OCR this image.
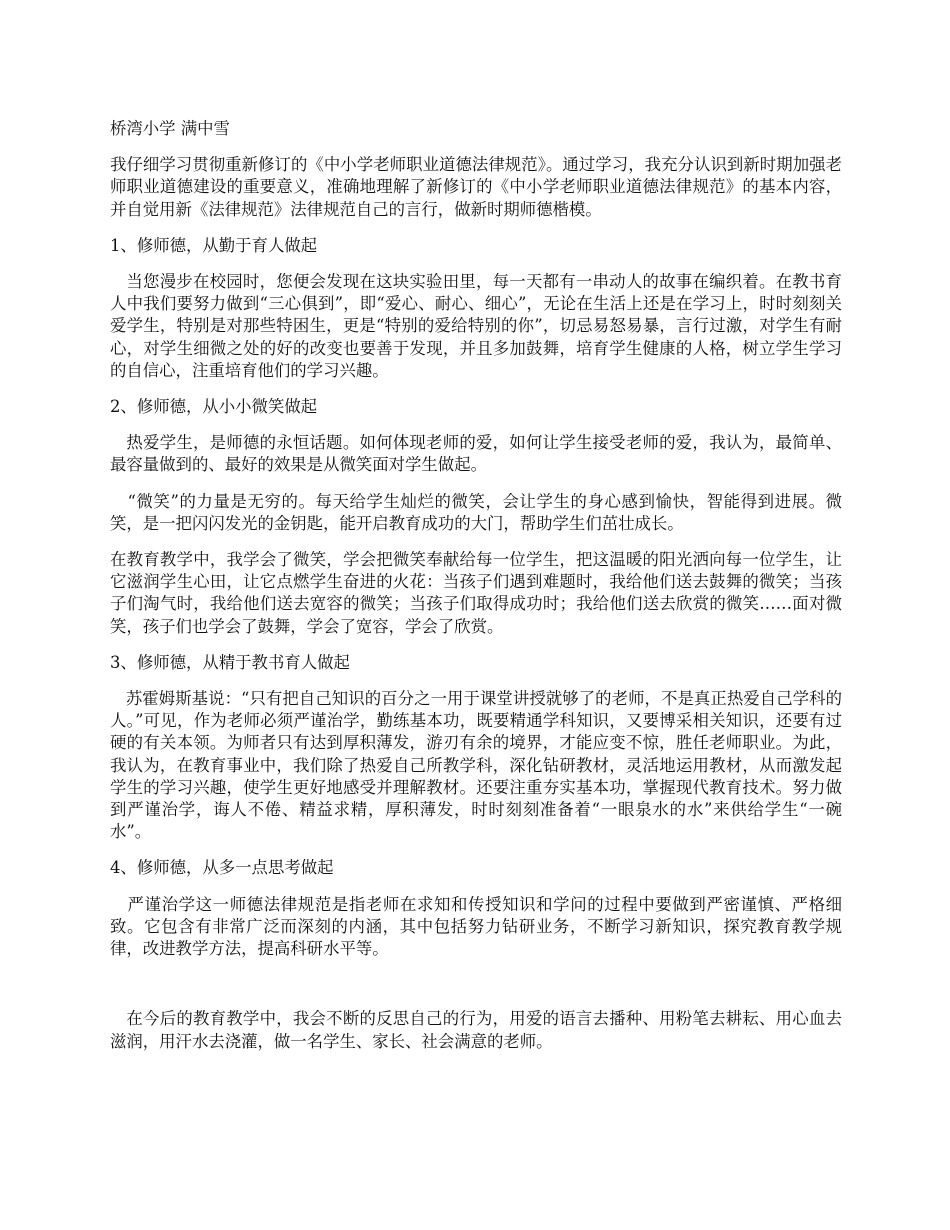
桥湾小学 满中雪

我仔细学习贯彻重新修订的《中小学老师职业道德法律规范》。通过学习，我充分认识到新时期加强老师职业道德建设的重要意义，准确地理解了新修订的《中小学老师职业道德法律规范》的基本内容，并自觉用新《法律规范》法律规范自己的言行，做新时期师德楷模。

1、修师德，从勤于育人做起

当您漫步在校园时，您便会发现在这块实验田里，每一天都有一串动人的故事在编织着。在教书育人中我们要努力做到“三心俱到”，即“爱心、耐心、细心”，无论在生活上还是在学习上，时时刻刻关爱学生，特别是对那些特困生，更是“特别的爱给特别的你”，切忌易怒易暴，言行过激，对学生有耐心，对学生细微之处的好的改变也要善于发现，并且多加鼓舞，培育学生健康的人格，树立学生学习的自信心，注重培育他们的学习兴趣。

2、修师德，从小小微笑做起

热爱学生，是师德的永恒话题。如何体现老师的爱，如何让学生接受老师的爱，我认为，最简单、最容量做到的、最好的效果是从微笑面对学生做起。

“微笑”的力量是无穷的。每天给学生灿烂的微笑，会让学生的身心感到愉快，智能得到进展。微笑，是一把闪闪发光的金钥匙，能开启教育成功的大门，帮助学生们茁壮成长。

在教育教学中，我学会了微笑，学会把微笑奉献给每一位学生，把这温暖的阳光洒向每一位学生，让它滋润学生心田，让它点燃学生奋进的火花：当孩子们遇到难题时，我给他们送去鼓舞的微笑；当孩子们淘气时，我给他们送去宽容的微笑；当孩子们取得成功时；我给他们送去欣赏的微笑……面对微笑，孩子们也学会了鼓舞，学会了宽容，学会了欣赏。

3、修师德，从精于教书育人做起

苏霍姆斯基说：“只有把自己知识的百分之一用于课堂讲授就够了的老师，不是真正热爱自己学科的人。”可见，作为老师必须严谨治学，勤练基本功，既要精通学科知识，又要博采相关知识，还要有过硬的有关本领。为师者只有达到厚积薄发，游刃有余的境界，才能应变不惊，胜任老师职业。为此，我认为，在教育事业中，我们除了热爱自己所教学科，深化钻研教材，灵活地运用教材，从而激发起学生的学习兴趣，使学生更好地感受并理解教材。还要注重夯实基本功，掌握现代教育技术。努力做到严谨治学，诲人不倦、精益求精，厚积薄发，时时刻刻准备着“一眼泉水的水”来供给学生“一碗水”。

4、修师德，从多一点思考做起

严谨治学这一师德法律规范是指老师在求知和传授知识和学问的过程中要做到严密谨慎、严格细致。它包含有非常广泛而深刻的内涵，其中包括努力钻研业务，不断学习新知识，探究教育教学规律，改进教学方法，提高科研水平等。

在今后的教育教学中，我会不断的反思自己的行为，用爱的语言去播种、用粉笔去耕耘、用心血去滋润，用汗水去浇灌，做一名学生、家长、社会满意的老师。
